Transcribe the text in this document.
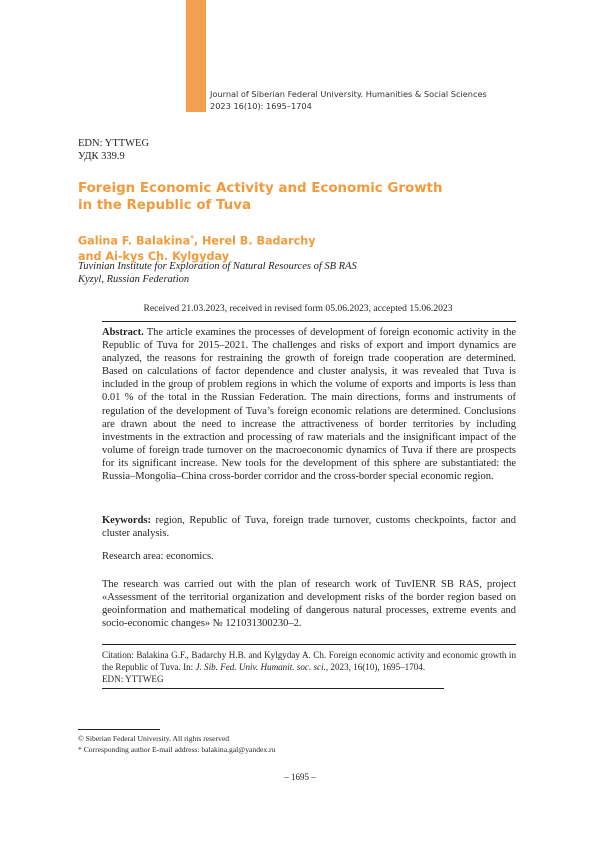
Journal of Siberian Federal University. Humanities & Social Sciences
2023 16(10): 1695–1704
EDN: YTTWEG
УДК 339.9
Foreign Economic Activity and Economic Growth
in the Republic of Tuva
Galina F. Balakina*, Herel B. Badarchy
and Ai-kys Ch. Kylgyday
Tuvinian Institute for Exploration of Natural Resources of SB RAS
Kyzyl, Russian Federation
Received 21.03.2023, received in revised form 05.06.2023, accepted 15.06.2023

Abstract. The article examines the processes of development of foreign economic activity in the Republic of Tuva for 2015–2021. The challenges and risks of export and import dynamics are analyzed, the reasons for restraining the growth of foreign trade cooperation are determined. Based on calculations of factor dependence and cluster analysis, it was revealed that Tuva is included in the group of problem regions in which the volume of exports and imports is less than 0.01 % of the total in the Russian Federation. The main directions, forms and instruments of regulation of the development of Tuva’s foreign economic relations are determined. Conclusions are drawn about the need to increase the attractiveness of border territories by including investments in the extraction and processing of raw materials and the insignificant impact of the volume of foreign trade turnover on the macroeconomic dynamics of Tuva if there are prospects for its significant increase. New tools for the development of this sphere are substantiated: the Russia–Mongolia–China cross-border corridor and the cross-border special economic region.

Keywords: region, Republic of Tuva, foreign trade turnover, customs checkpoints, factor and cluster analysis.

Research area: economics.

The research was carried out with the plan of research work of TuvIENR SB RAS, project «Assessment of the territorial organization and development risks of the border region based on geoinformation and mathematical modeling of dangerous natural processes, extreme events and socio-economic changes» № 121031300230–2.

Citation: Balakina G.F., Badarchy H.B. and Kylgyday A. Ch. Foreign economic activity and economic growth in the Republic of Tuva. In: J. Sib. Fed. Univ. Humanit. soc. sci., 2023, 16(10), 1695–1704.
EDN: YTTWEG
© Siberian Federal University. All rights reserved
* Corresponding author E-mail address: balakina.gal@yandex.ru
– 1695 –
